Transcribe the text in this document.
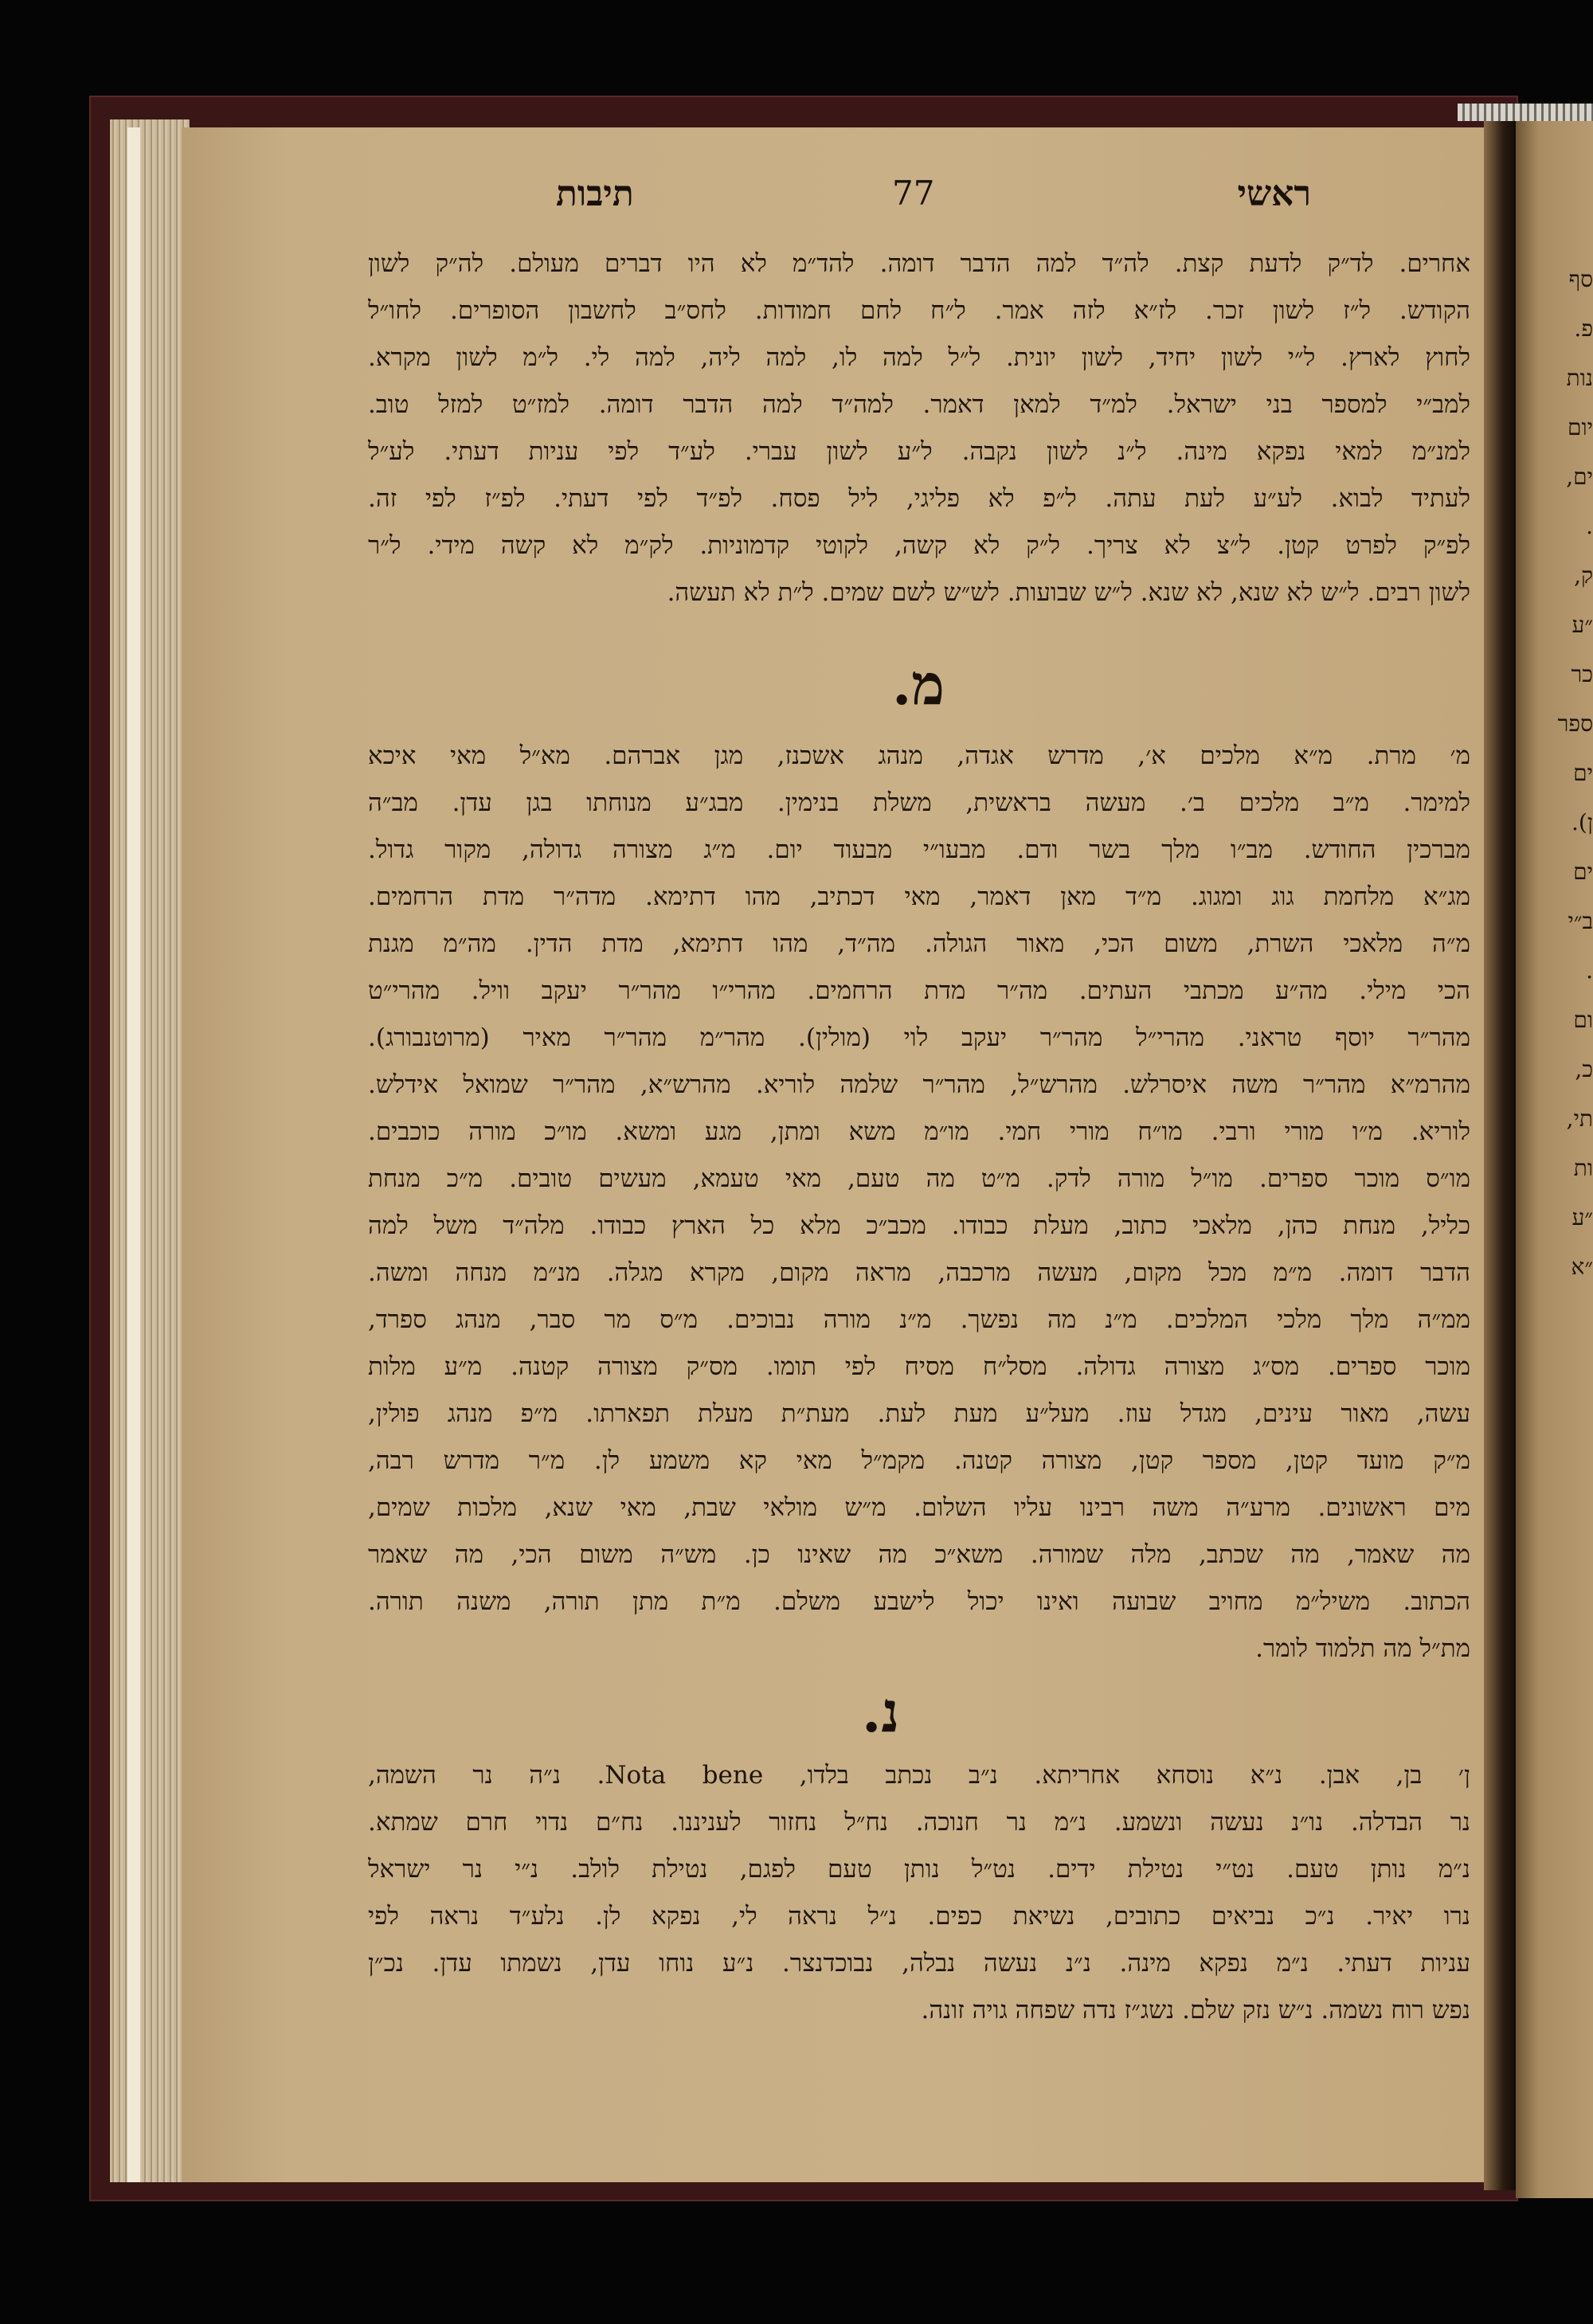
ראשי
77
תיבות
אחרים. לד״ק לדעת קצת. לה״ד למה הדבר דומה. להד״מ לא היו דברים מעולם. לה״ק לשון
הקודש. ל״ז לשון זכר. לז״א לזה אמר. ל״ח לחם חמודות. לחס״ב לחשבון הסופרים. לחו״ל
לחוץ לארץ. ל״י לשון יחיד, לשון יונית. ל״ל למה לו, למה ליה, למה לי. ל״מ לשון מקרא.
למב״י למספר בני ישראל. למ״ד למאן דאמר. למה״ד למה הדבר דומה. למז״ט למזל טוב.
למנ״מ למאי נפקא מינה. ל״נ לשון נקבה. ל״ע לשון עברי. לע״ד לפי עניות דעתי. לע״ל
לעתיד לבוא. לע״ע לעת עתה. ל״פ לא פליגי, ליל פסח. לפ״ד לפי דעתי. לפ״ז לפי זה.
לפ״ק לפרט קטן. ל״צ לא צריך. ל״ק לא קשה, לקוטי קדמוניות. לק״מ לא קשה מידי. ל״ר
לשון רבים. ל״ש לא שנא, לא שנא. ל״ש שבועות. לש״ש לשם שמים. ל״ת לא תעשה.
מ.
מ׳ מרת. מ״א מלכים א׳, מדרש אגדה, מנהג אשכנז, מגן אברהם. מא״ל מאי איכא
למימר. מ״ב מלכים ב׳. מעשה בראשית, משלת בנימין. מבג״ע מנוחתו בגן עדן. מב״ה
מברכין החודש. מב״ו מלך בשר ודם. מבעו״י מבעוד יום. מ״ג מצורה גדולה, מקור גדול.
מג״א מלחמת גוג ומגוג. מ״ד מאן דאמר, מאי דכתיב, מהו דתימא. מדה״ר מדת הרחמים.
מ״ה מלאכי השרת, משום הכי, מאור הגולה. מה״ד, מהו דתימא, מדת הדין. מה״מ מגנת
הכי מילי. מה״ע מכתבי העתים. מה״ר מדת הרחמים. מהרי״ו מהר״ר יעקב וויל. מהרי״ט
מהר״ר יוסף טראני. מהרי״ל מהר״ר יעקב לוי (מולין). מהר״מ מהר״ר מאיר (מרוטנבורג).
מהרמ״א מהר״ר משה איסרלש. מהרש״ל, מהר״ר שלמה לוריא. מהרש״א, מהר״ר שמואל אידלש.
לוריא. מ״ו מורי ורבי. מו״ח מורי חמי. מו״מ משא ומתן, מגע ומשא. מו״כ מורה כוכבים.
מו״ס מוכר ספרים. מו״ל מורה לדק. מ״ט מה טעם, מאי טעמא, מעשים טובים. מ״כ מנחת
כליל, מנחת כהן, מלאכי כתוב, מעלת כבודו. מכב״כ מלא כל הארץ כבודו. מלה״ד משל למה
הדבר דומה. מ״מ מכל מקום, מעשה מרכבה, מראה מקום, מקרא מגלה. מנ״מ מנחה ומשה.
ממ״ה מלך מלכי המלכים. מ״נ מה נפשך. מ״נ מורה נבוכים. מ״ס מר סבר, מנהג ספרד,
מוכר ספרים. מס״ג מצורה גדולה. מסל״ח מסיח לפי תומו. מס״ק מצורה קטנה. מ״ע מלות
עשה, מאור עינים, מגדל עוז. מעל״ע מעת לעת. מעת״ת מעלת תפארתו. מ״פ מנהג פולין,
מ״ק מועד קטן, מספר קטן, מצורה קטנה. מקמ״ל מאי קא משמע לן. מ״ר מדרש רבה,
מים ראשונים. מרע״ה משה רבינו עליו השלום. מ״ש מולאי שבת, מאי שנא, מלכות שמים,
מה שאמר, מה שכתב, מלה שמורה. משא״כ מה שאינו כן. מש״ה משום הכי, מה שאמר
הכתוב. משיל״מ מחויב שבועה ואינו יכול לישבע משלם. מ״ת מתן תורה, משנה תורה.
מת״ל מה תלמוד לומר.
נ.
ן׳ בן, אבן. נ״א נוסחא אחריתא. נ״ב נכתב בלדו, Nota bene. נ״ה נר השמה,
נר הבדלה. נו״נ נעשה ונשמע. נ״מ נר חנוכה. נח״ל נחזור לעניננו. נח״ם נדוי חרם שמתא.
נ״מ נותן טעם. נט״י נטילת ידים. נט״ל נותן טעם לפגם, נטילת לולב. נ״י נר ישראל
נרו יאיר. נ״כ נביאים כתובים, נשיאת כפים. נ״ל נראה לי, נפקא לן. נלע״ד נראה לפי
עניות דעתי. נ״מ נפקא מינה. נ״נ נעשה נבלה, נבוכדנצר. נ״ע נוחו עדן, נשמתו עדן. נכ״ן
נפש רוח נשמה. נ״ש נזק שלם. נשג״ז נדה שפחה גויה זונה.
סף
פ.
נות
יום
ים,
.
ק,
״ע
כר
ספר
ים
ן).
ים
ב״י
.
ום
כ,
תי,
ות
״ע
״א
